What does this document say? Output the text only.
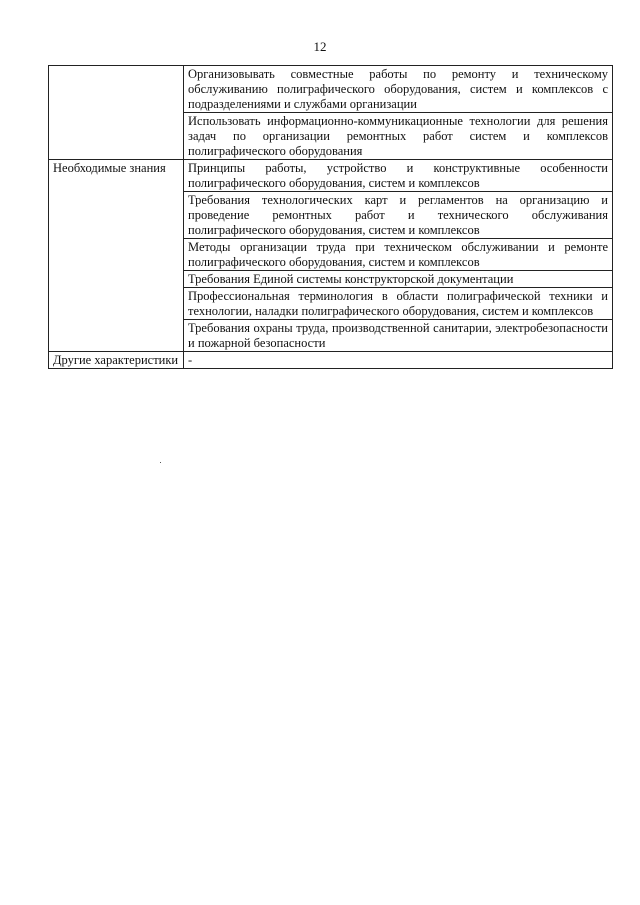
12
	Организовывать совместные работы по ремонту и техническому обслуживанию полиграфического оборудования, систем и комплексов с подразделениями и службами организации
	Использовать информационно-коммуникационные технологии для решения задач по организации ремонтных работ систем и комплексов полиграфического оборудования
Необходимые знания	Принципы работы, устройство и конструктивные особенности полиграфического оборудования, систем и комплексов
	Требования технологических карт и регламентов на организацию и проведение ремонтных работ и технического обслуживания полиграфического оборудования, систем и комплексов
	Методы организации труда при техническом обслуживании и ремонте полиграфического оборудования, систем и комплексов
	Требования Единой системы конструкторской документации
	Профессиональная терминология в области полиграфической техники и технологии, наладки полиграфического оборудования, систем и комплексов
	Требования охраны труда, производственной санитарии, электробезопасности и пожарной безопасности
Другие характеристики	-
